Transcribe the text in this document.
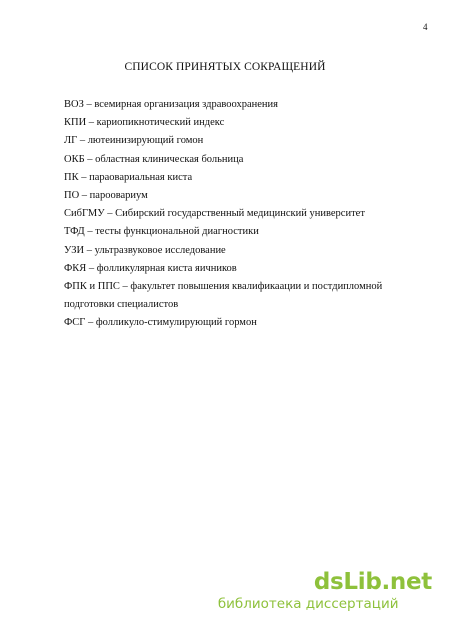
4
СПИСОК ПРИНЯТЫХ СОКРАЩЕНИЙ
ВОЗ – всемирная организация здравоохранения
КПИ – кариопикнотический индекс
ЛГ – лютеинизирующий гомон
ОКБ – областная клиническая больница
ПК – параовариальная киста
ПО – пароовариум
СибГМУ – Сибирский государственный медицинский университет
ТФД – тесты функциональной диагностики
УЗИ – ультразвуковое исследование
ФКЯ – фолликулярная киста яичников
ФПК и ППС – факультет повышения квалификаации и постдипломной
подготовки специалистов
ФСГ – фолликуло-стимулирующий гормон
dsLib.net
библиотека диссертаций
